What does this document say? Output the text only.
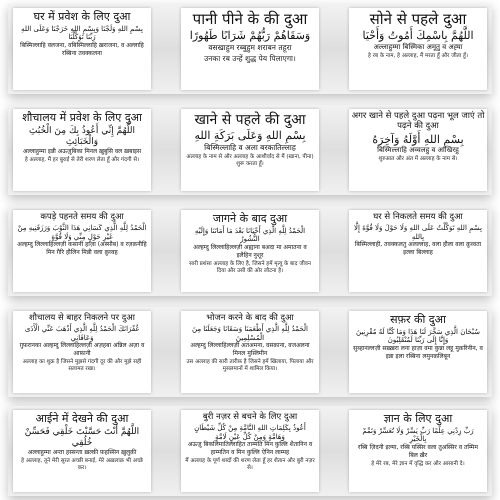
घर में प्रवेश के लिए दुआ
بِسْمِ اللهِ وَلَجْنَا وَبِسْمِ اللهِ خَرَجْنَا وَعَلَى اللهِ رَبِّنَا تَوَكَّلْنَا
बिस्मिल्लाहि वलजना, वबिस्मिल्लाहि ख़राजना, व अल्लाहि रब्बिना तवक्कलना
पानी पीने के की दुआ
وَسَقَاهُمْ رَبُّهُمْ شَرَابًا طَهُورًا
वसखाहुम रब्बुहुम शराबन तहूरा
उनका रब उन्हें शुद्ध पेय पिलाएगा।
सोने से पहले दुआ
اللَّهُمَّ بِاسْمِكَ أَمُوتُ وَأَحْيَا
अल्लाहुम्मा बिस्मिका अमूतु व अह़्या
हे रब के नाम, हे अल्लाह, मैं मरता हूँ और जीता हूँ।
शौचालय में प्रवेश के लिए दुआ
اللَّهُمَّ إِنِّي أَعُوذُ بِكَ مِنَ الْخُبُثِ وَالْخَبَائِثِ
अल्लाहुम्मा इन्नी अऊज़ुबिका मिनल ख़ुबुसि वल ख़बाइस
हे अल्लाह, मैं हर बुराई से तेरी शरण लेता हूँ और गंदगी से।
खाने से पहले की दुआ
بِسْمِ اللهِ وَعَلَى بَرَكَةِ اللهِ
बिस्मिल्लाहि व अला बरकातिल्लाह
अल्लाह के नाम से और अल्लाह के आशीर्वाद से मैं (खाना, पीना) शुरू करता हूँ।
अगर खाने से पहले दुआ पढ़ना भूल जाएं तो पढ़ने की दुआ
بِسْمِ اللهِ أَوَّلَهُ وَآخِرَهُ
बिस्मिल्लाहि अव्वलहु व आखिरहु
शुरुआत और अंत में अल्लाह के नाम से।
कपड़े पहनते समय की दुआ
الْحَمْدُ لِلَّهِ الَّذِي كَسَانِي هَذَا الثَّوْبَ وَرَزَقَنِيهِ مِنْ غَيْرِ حَوْلٍ مِنِّي وَلَا قُوَّةٍ
अल्हम्दु लिल्लाहिल्लज़ी कसानी हाज़ा (अस्सौब) व रज़क़नीहि मिन ग़ैरि हौलिन मिन्नी वला क़ुव्वह
जागने के बाद दुआ
الْحَمْدُ لِلَّهِ الَّذِي أَحْيَانَا بَعْدَ مَا أَمَاتَنَا وَإِلَيْهِ النُّشُورُ
अल्हम्दु लिल्लाहिल्लज़ी अह्याना बअदा मा अमातना व इलैहिन नुशूर
सारी प्रशंसा अल्लाह के लिए है, जिसने हमें मृत्यु के बाद जीवन दिया और उसी की ओर लौटना है।
घर से निकलते समय की दुआ
بِسْمِ اللهِ تَوَكَّلْتُ عَلَى اللهِ وَلَا حَوْلَ وَلَا قُوَّةَ إِلَّا بِاللهِ
बिस्मिल्लाही, तवक्कलतु अलल्लाह, वला हौला वला क़ुव्वता इल्ला बिल्लाह
शौचालय से बाहर निकलने पर दुआ
غُفْرَانَكَ الْحَمْدُ لِلَّهِ الَّذِي أَذْهَبَ عَنِّي الْأَذَى وَعَافَانِي
ग़ुफ़रानका अल्हम्दु लिल्लाहिल्लज़ी अज़हबा अन्निल अज़ा व आफ़ानी
अल्लाह का शुक्र है जिसने मुझसे गंदगी दूर की और मुझे सही सलामत रखा।
भोजन करने के बाद की दुआ
الْحَمْدُ لِلَّهِ الَّذِي أَطْعَمَنَا وَسَقَانَا وَجَعَلَنَا مِنَ الْمُسْلِمِينَ
अल्हम्दु लिल्लाहिल्लज़ी अतअमना, वसक़ाना, वजअलना मिनल मुस्लिमीन
उस अल्लाह की सारी तारीफ़ है जिसने हमें खिलाया, पिलाया और मुसलमानों में शामिल किया।
सफ़र की दुआ
سُبْحَانَ الَّذِي سَخَّرَ لَنَا هَذَا وَمَا كُنَّا لَهُ مُقْرِنِينَ وَإِنَّا إِلَى رَبِّنَا لَمُنْقَلِبُونَ
सुब्हानल्लज़ी सख़्ख़रा लना हाज़ा वमा कुन्ना लहू मुक़रिनीन, व इन्ना इला रब्बिना लमुनक़लिबून
आईने में देखने की दुआ
اللَّهُمَّ أَنْتَ حَسَّنْتَ خَلْقِي فَحَسِّنْ خُلُقِي
अल्लाहुम्मा अन्ता हस्सन्ता ख़ल्क़ी फ़हस्सिन ख़ुलुक़ी
हे अल्लाह, तूने मेरी सूरत अच्छी बनाई, मेरे अख़लाक़ भी अच्छे कर।
बुरी नज़र से बचने के लिए दुआ
أَعُوذُ بِكَلِمَاتِ اللهِ التَّامَّةِ مِنْ كُلِّ شَيْطَانٍ وَهَامَّةٍ وَمِنْ كُلِّ عَيْنٍ لَامَّةٍ
अऊज़ु बिकलिमातिल्लाहित ताम्मति मिन कुल्लि शैतानिन व हाम्मतिन व मिन कुल्लि ऐनिन लाम्मह
मैं अल्लाह के पूर्ण शब्दों की शरण लेता हूँ हर शैतान और बुरी नज़र से।
ज्ञान के लिए दुआ
رَبِّ زِدْنِي عِلْمًا رَبِّ يَسِّرْ وَلَا تُعَسِّرْ وَتَمِّمْ بِالْخَيْرِ
रब्बि ज़िदनी इल्मा, रब्बि यस्सिर वला तुअस्सिर व तम्मिम बिल ख़ैर
हे मेरे रब, मेरे ज्ञान में वृद्धि कर और आसानी दे।
